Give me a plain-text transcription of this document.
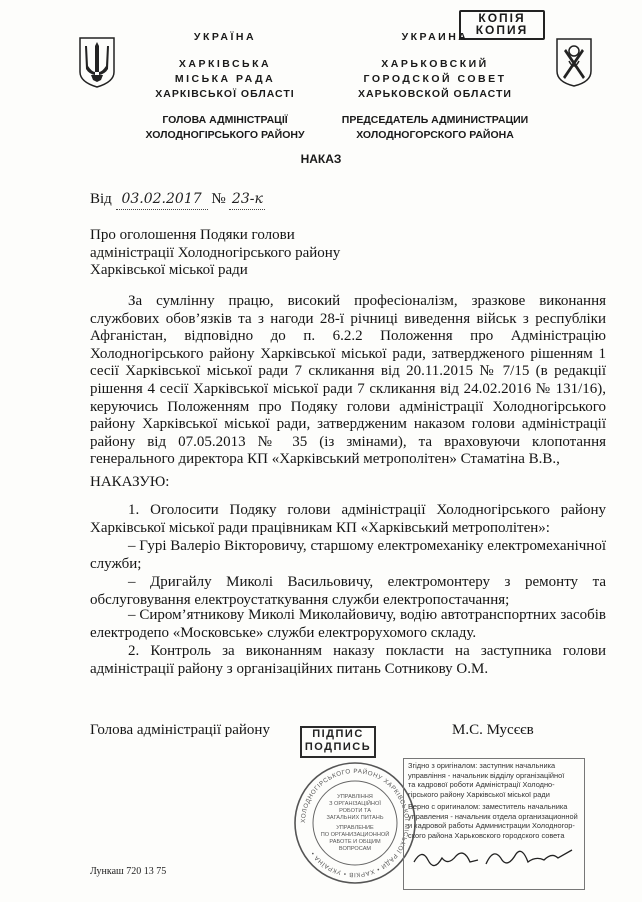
КОПІЯ
КОПИЯ
УКРАЇНА
ХАРКІВСЬКА
МІСЬКА РАДА
ХАРКІВСЬКОЇ ОБЛАСТІ
ГОЛОВА АДМІНІСТРАЦІЇ
ХОЛОДНОГІРСЬКОГО РАЙОНУ
УКРАИНА
ХАРЬКОВСКИЙ
ГОРОДСКОЙ СОВЕТ
ХАРЬКОВСКОЙ ОБЛАСТИ
ПРЕДСЕДАТЕЛЬ АДМИНИСТРАЦИИ
ХОЛОДНОГОРСКОГО РАЙОНА
НАКАЗ
Від 03.02.2017 № 23-к
Про оголошення Подяки голови
адміністрації Холодногірського району
Харківської міської ради
За сумлінну працю, високий професіоналізм, зразкове виконання службових обов’язків та з нагоди 28-ї річниці виведення військ з республіки Афганістан, відповідно до п. 6.2.2 Положення про Адміністрацію Холодногірського району Харківської міської ради, затвердженого рішенням 1 сесії Харківської міської ради 7 скликання від 20.11.2015 № 7/15 (в редакції рішення 4 сесії Харківської міської ради 7 скликання від 24.02.2016 № 131/16), керуючись Положенням про Подяку голови адміністрації Холодногірського району Харківської міської ради, затвердженим наказом голови адміністрації району від 07.05.2013 № 35 (із змінами), та враховуючи клопотання генерального директора КП «Харківський метрополітен» Стаматіна В.В.,
НАКАЗУЮ:
1. Оголосити Подяку голови адміністрації Холодногірського району Харківської міської ради працівникам КП «Харківський метрополітен»:
– Гурі Валеріо Вікторовичу, старшому електромеханіку електромеханічної служби;
– Дригайлу Миколі Васильовичу, електромонтеру з ремонту та обслуговування електроустаткування служби електропостачання;
– Сиром’ятникову Миколі Миколайовичу, водію автотранспортних засобів електродепо «Московське» служби електрорухомого складу.
2. Контроль за виконанням наказу покласти на заступника голови адміністрації району з організаційних питань Сотникову О.М.
Голова адміністрації району	М.С. Мусєєв
ПІДПИС
ПОДПИСЬ
ХОЛОДНОГІРСЬКОГО РАЙОНУ ХАРКІВСЬКОЇ МІСЬКОЇ РАДИ • ХАРКІВ • УКРАЇНА •
УПРАВЛІННЯ
З ОРГАНІЗАЦІЙНОЇ
РОБОТИ ТА
ЗАГАЛЬНИХ ПИТАНЬ
УПРАВЛЕНИЕ
ПО ОРГАНИЗАЦИОННОЙ
РАБОТЕ И ОБЩИМ
ВОПРОСАМ
Згідно з оригіналом: заступник начальника
управління - начальник відділу організаційної
та кадрової роботи Адміністрації Холодно-
гірського району Харківської міської ради
Верно с оригиналом: заместитель начальника
управления - начальник отдела организационной
и кадровой работы Администрации Холодногор-
ского района Харьковского городского совета
Лункаш 720 13 75
